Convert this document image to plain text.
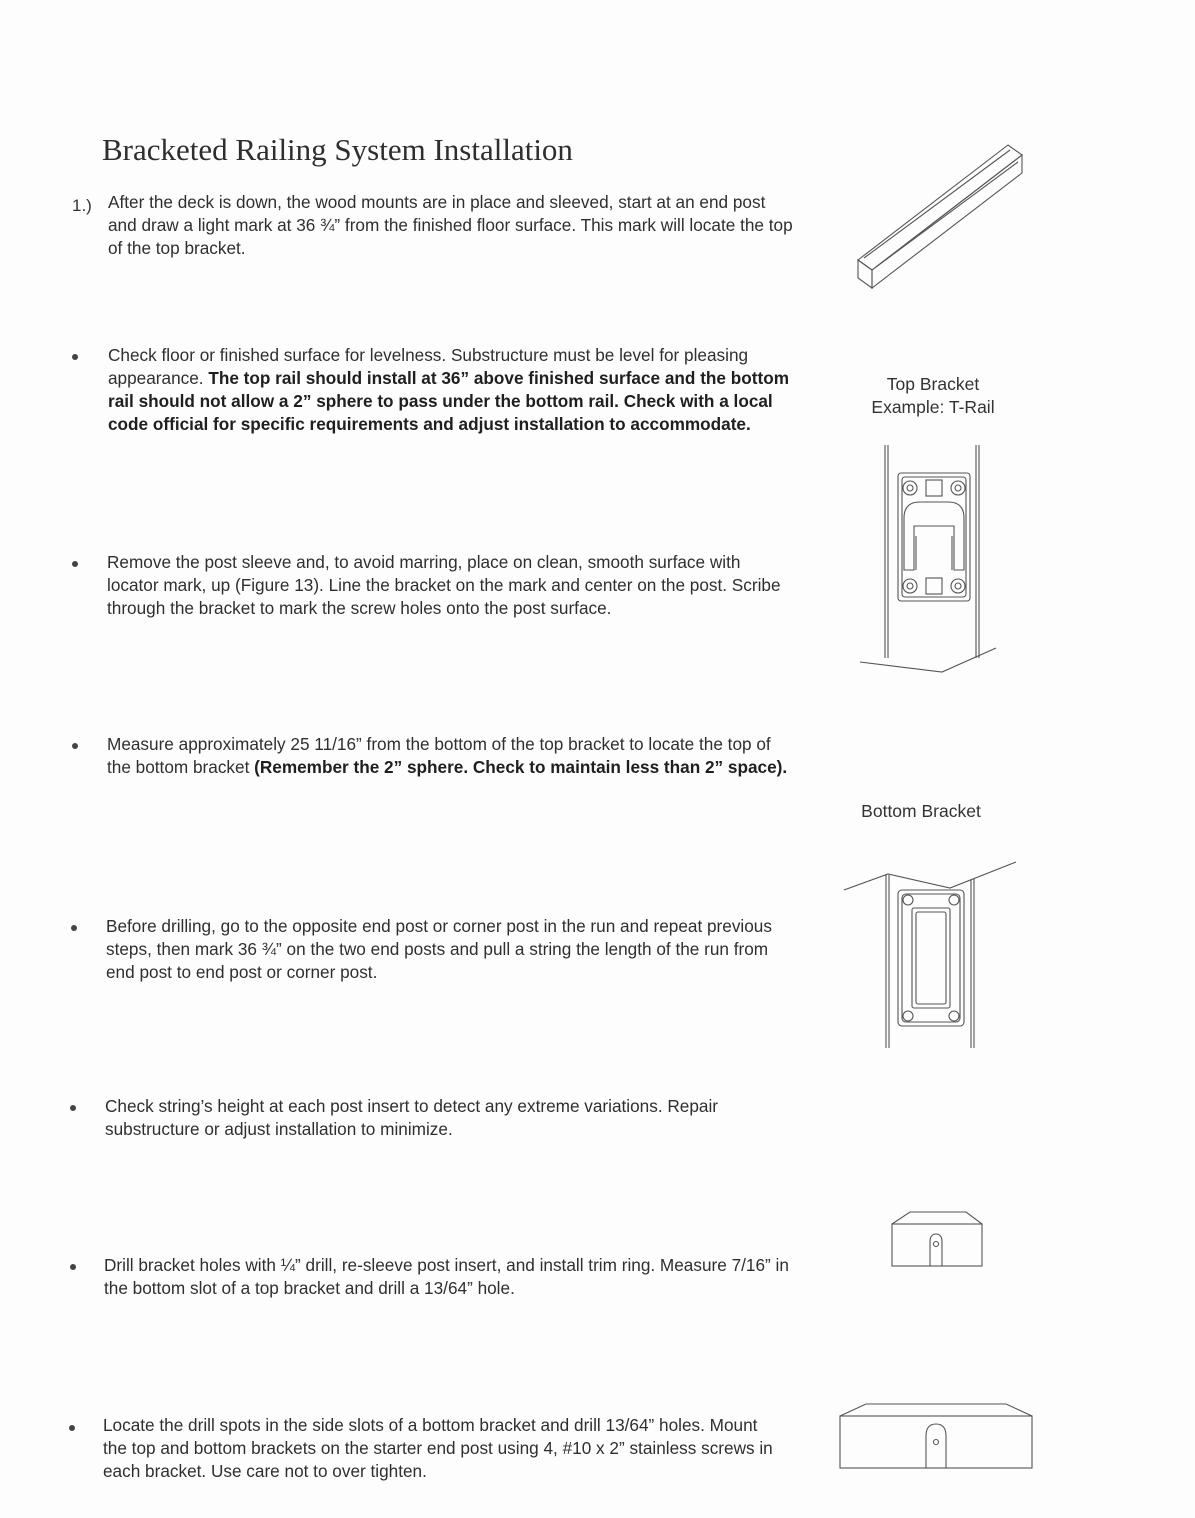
Bracketed Railing System Installation
1.) After the deck is down, the wood mounts are in place and sleeved, start at an end post and draw a light mark at 36 ¾” from the finished floor surface. This mark will locate the top of the top bracket.
Check floor or finished surface for levelness. Substructure must be level for pleasing appearance. The top rail should install at 36” above finished surface and the bottom rail should not allow a 2” sphere to pass under the bottom rail. Check with a local code official for specific requirements and adjust installation to accommodate.
Remove the post sleeve and, to avoid marring, place on clean, smooth surface with locator mark, up (Figure 13). Line the bracket on the mark and center on the post. Scribe through the bracket to mark the screw holes onto the post surface.
Measure approximately 25 11/16” from the bottom of the top bracket to locate the top of the bottom bracket (Remember the 2” sphere. Check to maintain less than 2” space).
Before drilling, go to the opposite end post or corner post in the run and repeat previous steps, then mark 36 ¾” on the two end posts and pull a string the length of the run from end post to end post or corner post.
Check string’s height at each post insert to detect any extreme variations. Repair substructure or adjust installation to minimize.
Drill bracket holes with ¼” drill, re-sleeve post insert, and install trim ring. Measure 7/16” in the bottom slot of a top bracket and drill a 13/64” hole.
Locate the drill spots in the side slots of a bottom bracket and drill 13/64” holes. Mount the top and bottom brackets on the starter end post using 4, #10 x 2” stainless screws in each bracket. Use care not to over tighten.
Top Bracket
Example: T-Rail
Bottom Bracket
